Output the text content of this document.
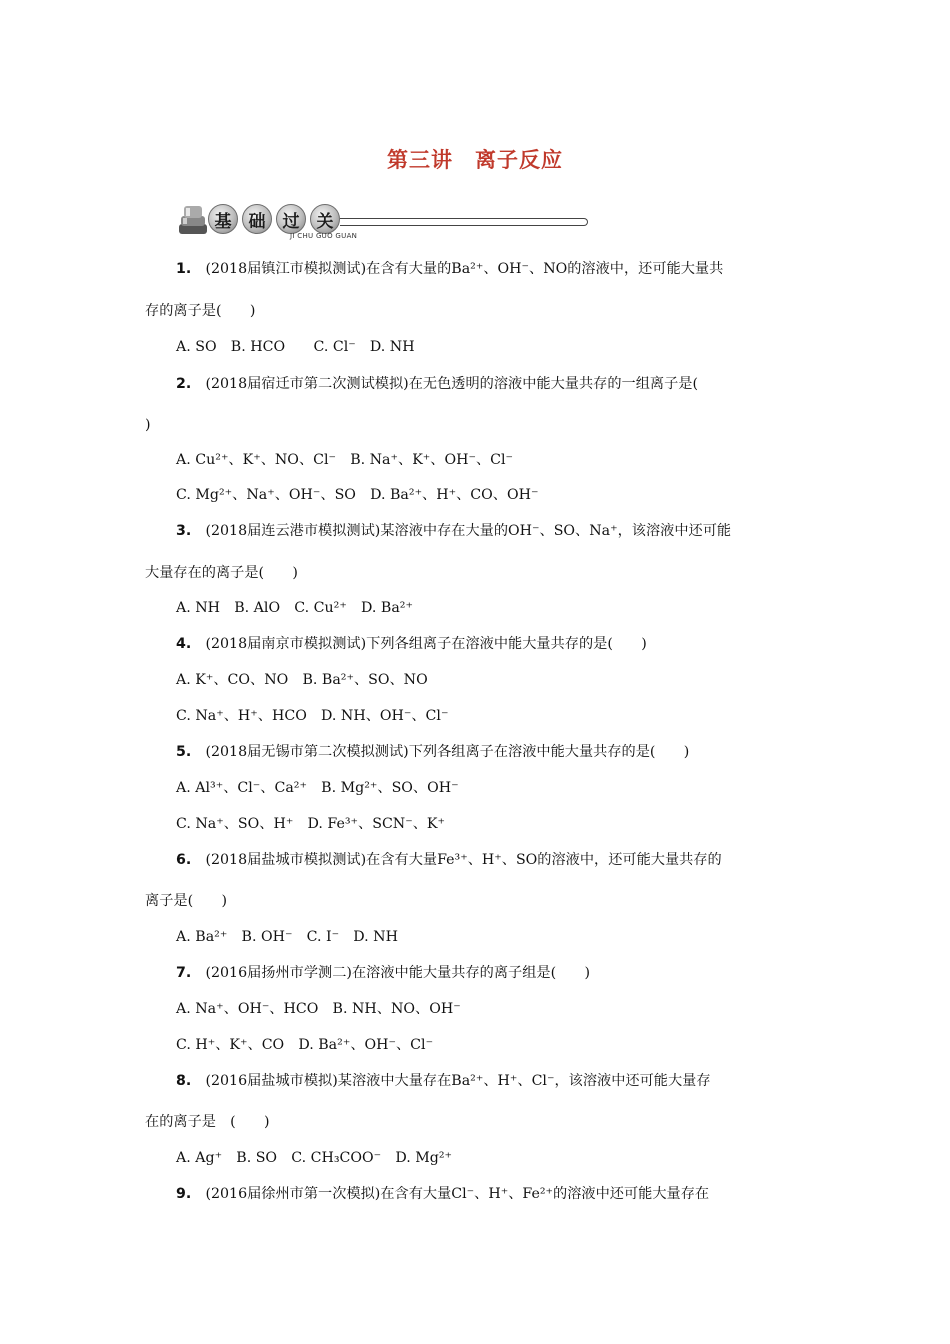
第三讲　离子反应
基	础	过	关
JI CHU GUO GUAN
1.　 (2018届镇江市模拟测试)在含有大量的Ba²⁺、OH⁻、NO的溶液中，还可能大量共
存的离子是(　　)
A. SO　B. HCO　　C. Cl⁻　D. NH
2.　 (2018届宿迁市第二次测试模拟)在无色透明的溶液中能大量共存的一组离子是(
)
A. Cu²⁺、K⁺、NO、Cl⁻　B. Na⁺、K⁺、OH⁻、Cl⁻
C. Mg²⁺、Na⁺、OH⁻、SO　D. Ba²⁺、H⁺、CO、OH⁻
3.　 (2018届连云港市模拟测试)某溶液中存在大量的OH⁻、SO、Na⁺，该溶液中还可能
大量存在的离子是(　　)
A. NH　B. AlO　C. Cu²⁺　D. Ba²⁺
4.　 (2018届南京市模拟测试)下列各组离子在溶液中能大量共存的是(　　)
A. K⁺、CO、NO　B. Ba²⁺、SO、NO
C. Na⁺、H⁺、HCO　D. NH、OH⁻、Cl⁻
5.　 (2018届无锡市第二次模拟测试)下列各组离子在溶液中能大量共存的是(　　)
A. Al³⁺、Cl⁻、Ca²⁺　B. Mg²⁺、SO、OH⁻
C. Na⁺、SO、H⁺　D. Fe³⁺、SCN⁻、K⁺
6.　 (2018届盐城市模拟测试)在含有大量Fe³⁺、H⁺、SO的溶液中，还可能大量共存的
离子是(　　)
A. Ba²⁺　B. OH⁻　C. I⁻　D. NH
7.　 (2016届扬州市学测二)在溶液中能大量共存的离子组是(　　)
A. Na⁺、OH⁻、HCO　B. NH、NO、OH⁻
C. H⁺、K⁺、CO　D. Ba²⁺、OH⁻、Cl⁻
8.　 (2016届盐城市模拟)某溶液中大量存在Ba²⁺、H⁺、Cl⁻，该溶液中还可能大量存
在的离子是　(　　)
A. Ag⁺　B. SO　C. CH₃COO⁻　D. Mg²⁺
9.　 (2016届徐州市第一次模拟)在含有大量Cl⁻、H⁺、Fe²⁺的溶液中还可能大量存在
